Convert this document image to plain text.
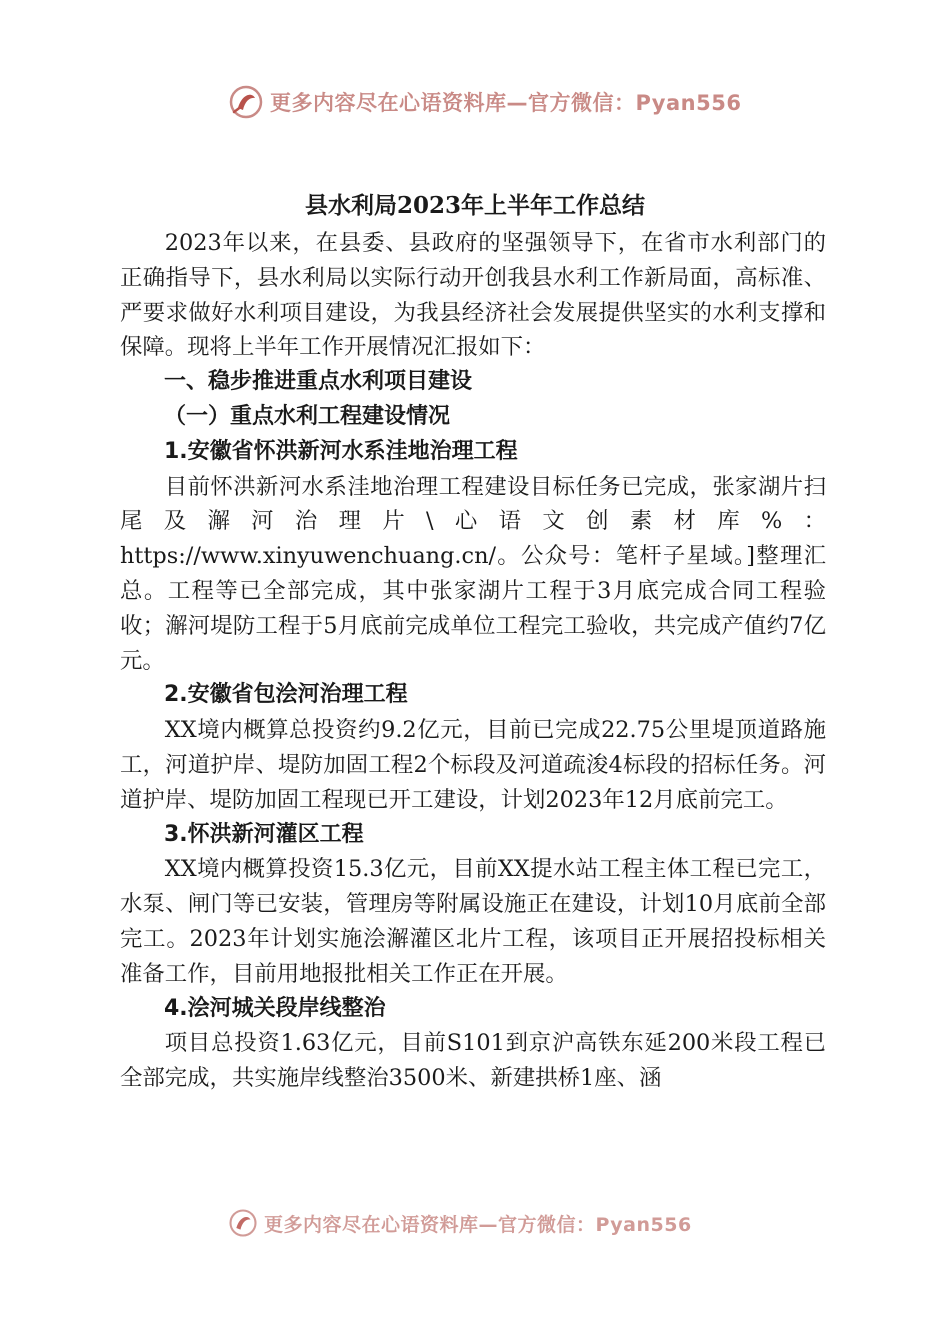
更多内容尽在心语资料库—官方微信：Pyan556
县水利局2023年上半年工作总结

2023年以来，在县委、县政府的坚强领导下，在省市水利部门的正确指导下，县水利局以实际行动开创我县水利工作新局面，高标准、严要求做好水利项目建设，为我县经济社会发展提供坚实的水利支撑和保障。现将上半年工作开展情况汇报如下：

一、稳步推进重点水利项目建设

（一）重点水利工程建设情况

1.安徽省怀洪新河水系洼地治理工程

目前怀洪新河水系洼地治理工程建设目标任务已完成，张家湖片扫尾及澥河治理片\心语文创素材库%：https://www.xinyuwenchuang.cn/。公众号：笔杆子星域。]整理汇总。工程等已全部完成，其中张家湖片工程于3月底完成合同工程验收；澥河堤防工程于5月底前完成单位工程完工验收，共完成产值约7亿元。

2.安徽省包浍河治理工程

XX境内概算总投资约9.2亿元，目前已完成22.75公里堤顶道路施工，河道护岸、堤防加固工程2个标段及河道疏浚4标段的招标任务。河道护岸、堤防加固工程现已开工建设，计划2023年12月底前完工。

3.怀洪新河灌区工程

XX境内概算投资15.3亿元，目前XX提水站工程主体工程已完工，水泵、闸门等已安装，管理房等附属设施正在建设，计划10月底前全部完工。2023年计划实施浍澥灌区北片工程，该项目正开展招投标相关准备工作，目前用地报批相关工作正在开展。

4.浍河城关段岸线整治

项目总投资1.63亿元，目前S101到京沪高铁东延200米段工程已全部完成，共实施岸线整治3500米、新建拱桥1座、涵

更多内容尽在心语资料库—官方微信：Pyan556
